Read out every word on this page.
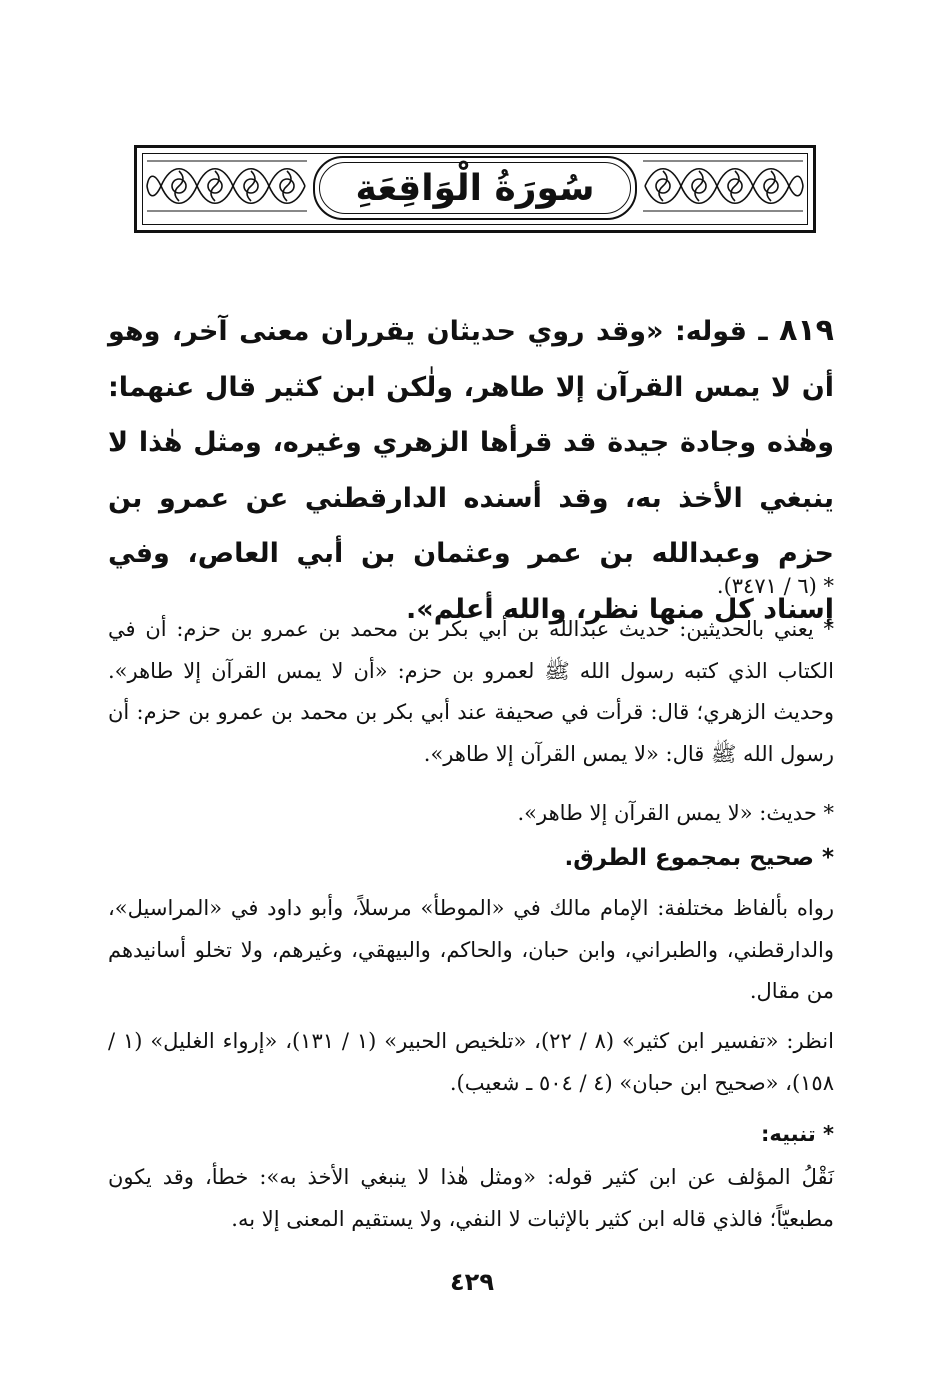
سُورَةُ الْوَاقِعَةِ

٨١٩ ـ قوله: «وقد روي حديثان يقرران معنى آخر، وهو أن لا يمس القرآن إلا طاهر، ولٰكن ابن كثير قال عنهما: وهٰذه وجادة جيدة قد قرأها الزهري وغيره، ومثل هٰذا لا ينبغي الأخذ به، وقد أسنده الدارقطني عن عمرو بن حزم وعبدالله بن عمر وعثمان بن أبي العاص، وفي إسناد كل منها نظر، والله أعلم».

* (٦ / ٣٤٧١).

* يعني بالحديثين: حديث عبدالله بن أبي بكر بن محمد بن عمرو بن حزم: أن في الكتاب الذي كتبه رسول الله ﷺ لعمرو بن حزم: «أن لا يمس القرآن إلا طاهر». وحديث الزهري؛ قال: قرأت في صحيفة عند أبي بكر بن محمد بن عمرو بن حزم: أن رسول الله ﷺ قال: «لا يمس القرآن إلا طاهر».

* حديث: «لا يمس القرآن إلا طاهر».

* صحيح بمجموع الطرق.

رواه بألفاظ مختلفة: الإمام مالك في «الموطأ» مرسلاً، وأبو داود في «المراسيل»، والدارقطني، والطبراني، وابن حبان، والحاكم، والبيهقي، وغيرهم، ولا تخلو أسانيدهم من مقال.

انظر: «تفسير ابن كثير» (٨ / ٢٢)، «تلخيص الحبير» (١ / ١٣١)، «إرواء الغليل» (١ / ١٥٨)، «صحيح ابن حبان» (٤ / ٥٠٤ ـ شعيب).

* تنبيه:

نَقْلُ المؤلف عن ابن كثير قوله: «ومثل هٰذا لا ينبغي الأخذ به»: خطأ، وقد يكون مطبعيّاً؛ فالذي قاله ابن كثير بالإثبات لا النفي، ولا يستقيم المعنى إلا به.

٤٢٩
